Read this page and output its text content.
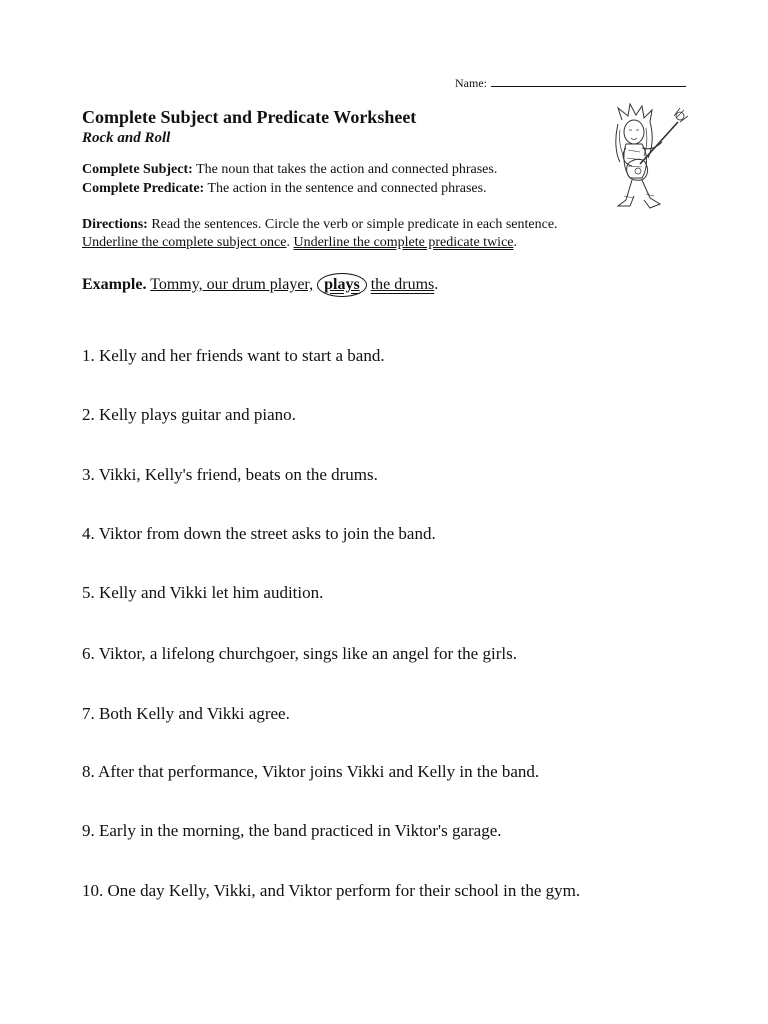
Name:
Complete Subject and Predicate Worksheet
Rock and Roll
Complete Subject: The noun that takes the action and connected phrases.
Complete Predicate: The action in the sentence and connected phrases.
Directions: Read the sentences. Circle the verb or simple predicate in each sentence.
Underline the complete subject once. Underline the complete predicate twice.
Example. Tommy, our drum player, plays the drums.
1. Kelly and her friends want to start a band.
2. Kelly plays guitar and piano.
3. Vikki, Kelly's friend, beats on the drums.
4. Viktor from down the street asks to join the band.
5. Kelly and Vikki let him audition.
6. Viktor, a lifelong churchgoer, sings like an angel for the girls.
7. Both Kelly and Vikki agree.
8. After that performance, Viktor joins Vikki and Kelly in the band.
9. Early in the morning, the band practiced in Viktor's garage.
10. One day Kelly, Vikki, and Viktor perform for their school in the gym.
